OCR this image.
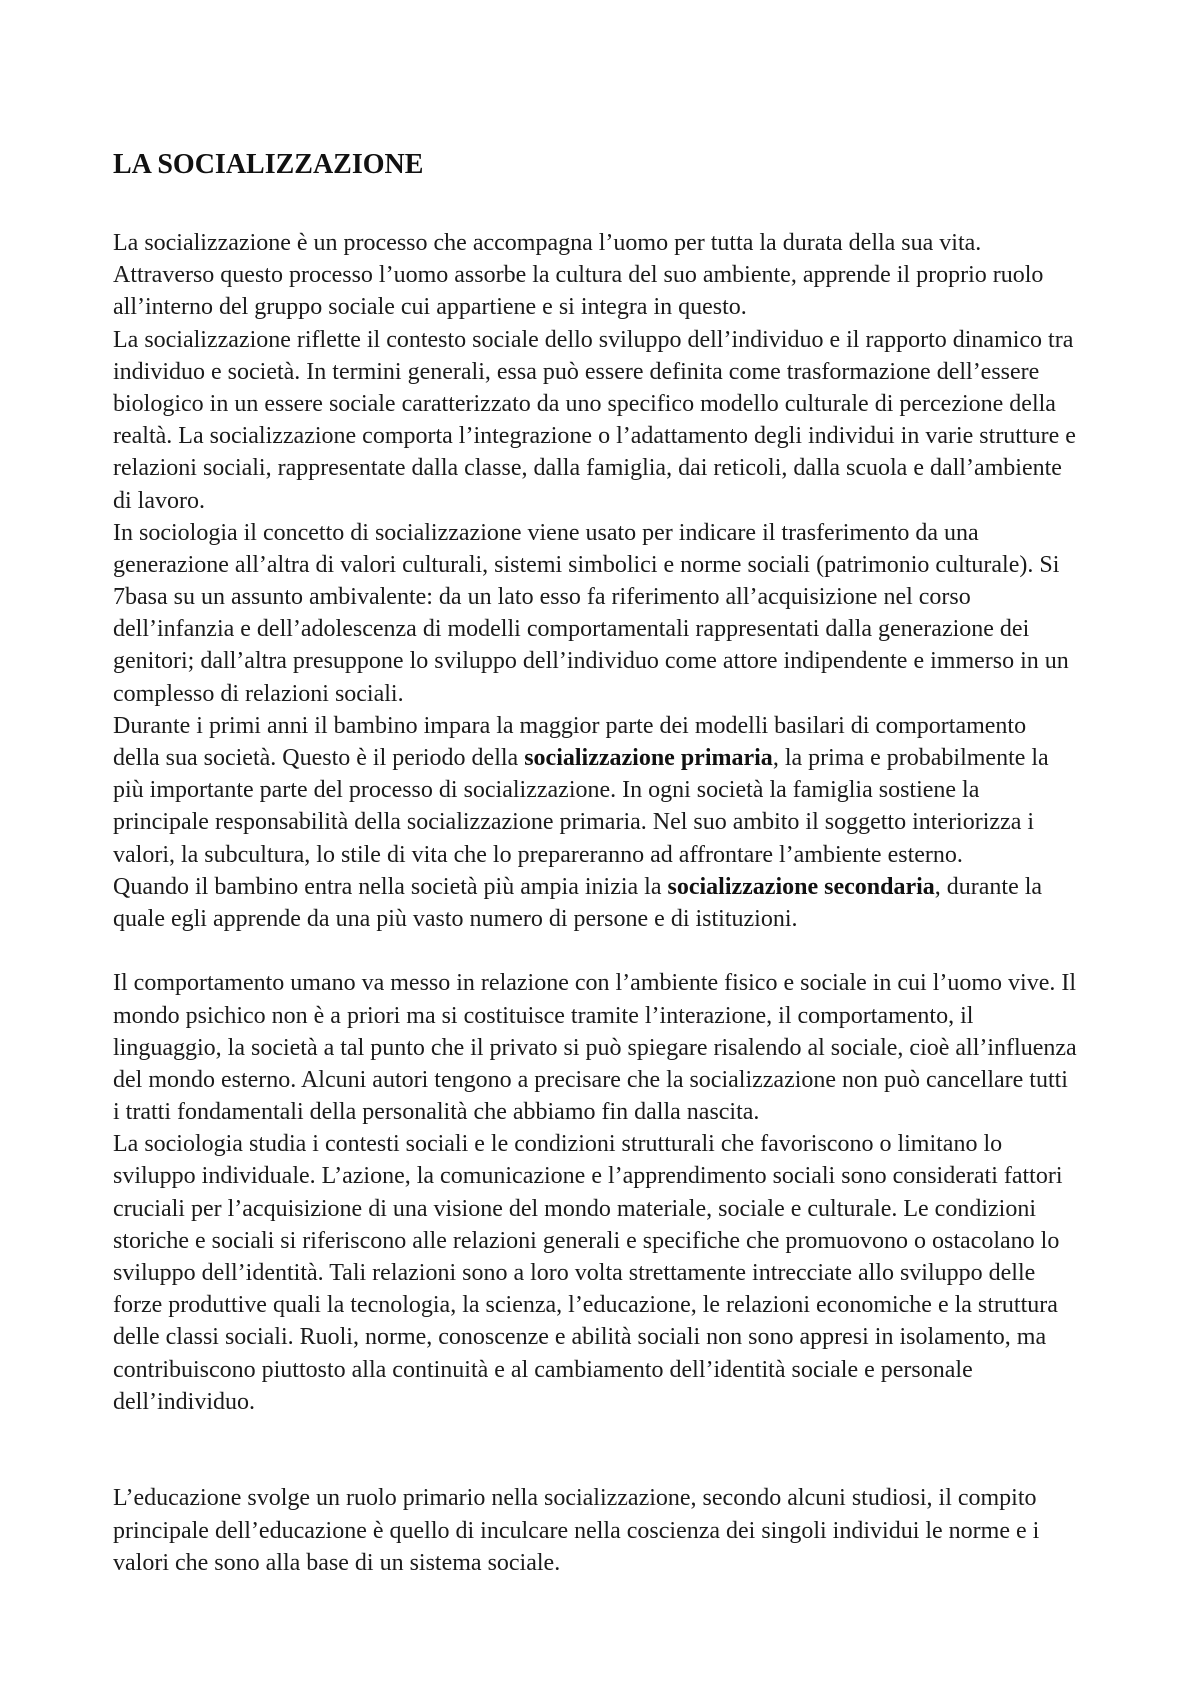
LA SOCIALIZZAZIONE
La socializzazione è un processo che accompagna l’uomo per tutta la durata della sua vita.
Attraverso questo processo l’uomo assorbe la cultura del suo ambiente, apprende il proprio ruolo
all’interno del gruppo sociale cui appartiene e si integra in questo.
La socializzazione riflette il contesto sociale dello sviluppo dell’individuo e il rapporto dinamico tra
individuo e società. In termini generali, essa può essere definita come trasformazione dell’essere
biologico in un essere sociale caratterizzato da uno specifico modello culturale di percezione della
realtà. La socializzazione comporta l’integrazione o l’adattamento degli individui in varie strutture e
relazioni sociali, rappresentate dalla classe, dalla famiglia, dai reticoli, dalla scuola e dall’ambiente
di lavoro.
In sociologia il concetto di socializzazione viene usato per indicare il trasferimento da una
generazione all’altra di valori culturali, sistemi simbolici e norme sociali (patrimonio culturale). Si
7basa su un assunto ambivalente: da un lato esso fa riferimento all’acquisizione nel corso
dell’infanzia e dell’adolescenza di modelli comportamentali rappresentati dalla generazione dei
genitori; dall’altra presuppone lo sviluppo dell’individuo come attore indipendente e immerso in un
complesso di relazioni sociali.
Durante i primi anni il bambino impara la maggior parte dei modelli basilari di comportamento
della sua società. Questo è il periodo della socializzazione primaria, la prima e probabilmente la
più importante parte del processo di socializzazione. In ogni società la famiglia sostiene la
principale responsabilità della socializzazione primaria. Nel suo ambito il soggetto interiorizza i
valori, la subcultura, lo stile di vita che lo prepareranno ad affrontare l’ambiente esterno.
Quando il bambino entra nella società più ampia inizia la socializzazione secondaria, durante la
quale egli apprende da una più vasto numero di persone e di istituzioni.
Il comportamento umano va messo in relazione con l’ambiente fisico e sociale in cui l’uomo vive. Il
mondo psichico non è a priori ma si costituisce tramite l’interazione, il comportamento, il
linguaggio, la società a tal punto che il privato si può spiegare risalendo al sociale, cioè all’influenza
del mondo esterno. Alcuni autori tengono a precisare che la socializzazione non può cancellare tutti
i tratti fondamentali della personalità che abbiamo fin dalla nascita.
La sociologia studia i contesti sociali e le condizioni strutturali che favoriscono o limitano lo
sviluppo individuale. L’azione, la comunicazione e l’apprendimento sociali sono considerati fattori
cruciali per l’acquisizione di una visione del mondo materiale, sociale e culturale. Le condizioni
storiche e sociali si riferiscono alle relazioni generali e specifiche che promuovono o ostacolano lo
sviluppo dell’identità. Tali relazioni sono a loro volta strettamente intrecciate allo sviluppo delle
forze produttive quali la tecnologia, la scienza, l’educazione, le relazioni economiche e la struttura
delle classi sociali. Ruoli, norme, conoscenze e abilità sociali non sono appresi in isolamento, ma
contribuiscono piuttosto alla continuità e al cambiamento dell’identità sociale e personale
dell’individuo.
L’educazione svolge un ruolo primario nella socializzazione, secondo alcuni studiosi, il compito
principale dell’educazione è quello di inculcare nella coscienza dei singoli individui le norme e i
valori che sono alla base di un sistema sociale.
